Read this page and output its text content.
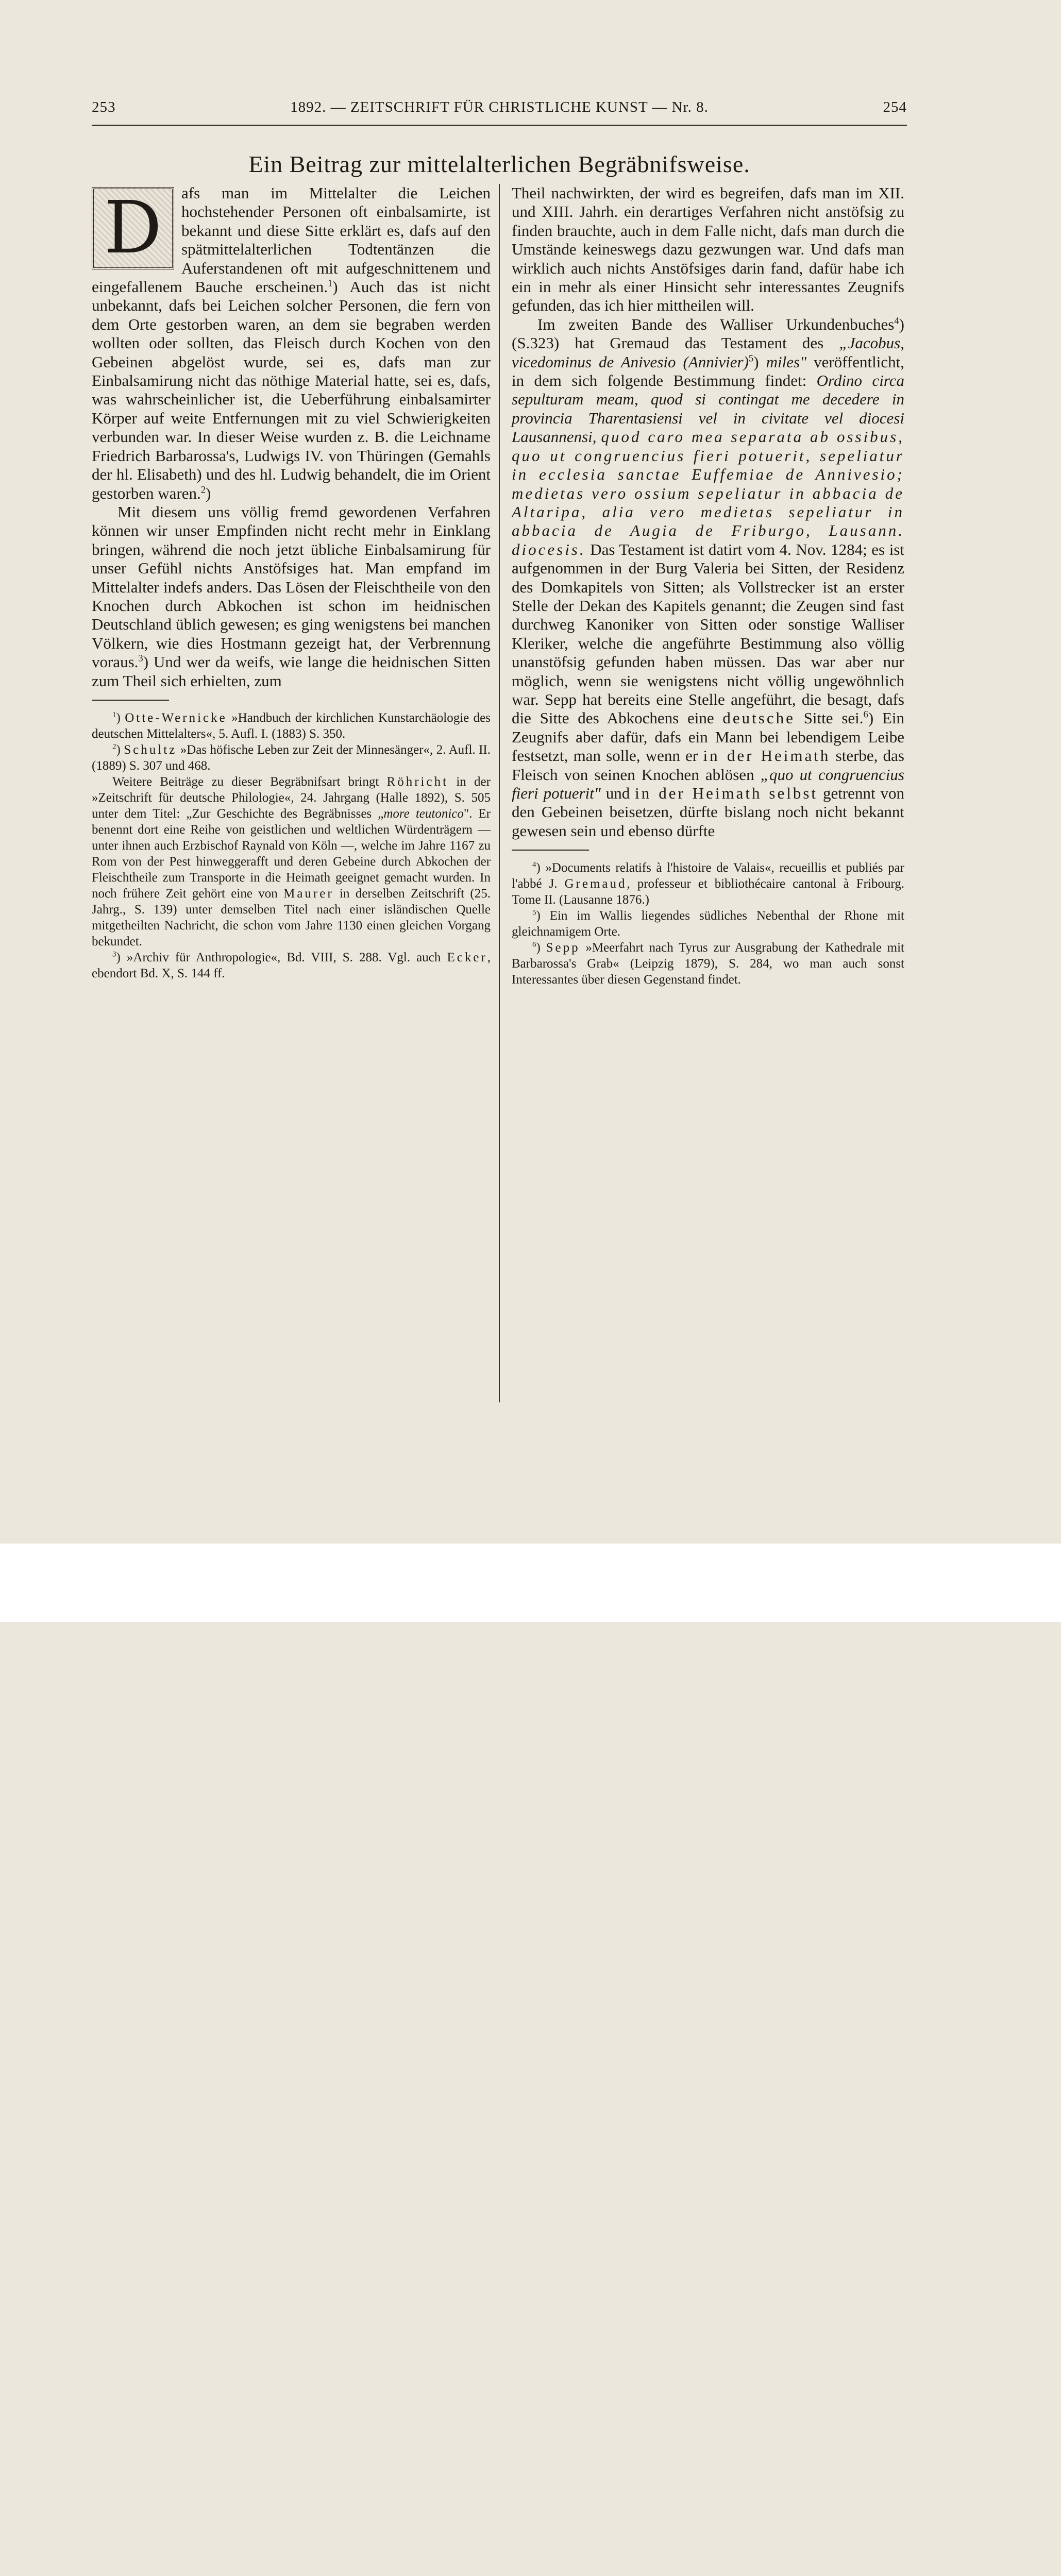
253	1892. — ZEITSCHRIFT FÜR CHRISTLICHE KUNST — Nr. 8.	254
Ein Beitrag zur mittelalterlichen Begräbnifsweise.

D	afs man im Mittelalter die Leichen hochstehender Personen oft einbalsamirte, ist bekannt und diese Sitte erklärt es, dafs auf den spätmittelalterlichen Todtentänzen die Auferstandenen oft mit aufgeschnittenem und eingefallenem Bauche erscheinen.$^1$) Auch das ist nicht unbekannt, dafs bei Leichen solcher Personen, die fern von dem Orte gestorben waren, an dem sie begraben werden wollten oder sollten, das Fleisch durch Kochen von den Gebeinen abgelöst wurde, sei es, dafs man zur Einbalsamirung nicht das nöthige Material hatte, sei es, dafs, was wahrscheinlicher ist, die Ueberführung einbalsamirter Körper auf weite Entfernungen mit zu viel Schwierigkeiten verbunden war. In dieser Weise wurden z. B. die Leichname Friedrich Barbarossa's, Ludwigs IV. von Thüringen (Gemahls der hl. Elisabeth) und des hl. Ludwig behandelt, die im Orient gestorben waren.$^2$)

Mit diesem uns völlig fremd gewordenen Verfahren können wir unser Empfinden nicht recht mehr in Einklang bringen, während die noch jetzt übliche Einbalsamirung für unser Gefühl nichts Anstöfsiges hat. Man empfand im Mittelalter indefs anders. Das Lösen der Fleischtheile von den Knochen durch Abkochen ist schon im heidnischen Deutschland üblich gewesen; es ging wenigstens bei manchen Völkern, wie dies Hostmann gezeigt hat, der Verbrennung voraus.$^3$) Und wer da weifs, wie lange die heidnischen Sitten zum Theil sich erhielten, zum

$^1$) Otte-Wernicke »Handbuch der kirchlichen Kunstarchäologie des deutschen Mittelalters«, 5. Aufl. I. (1883) S. 350.

$^2$) Schultz »Das höfische Leben zur Zeit der Minnesänger«, 2. Aufl. II. (1889) S. 307 und 468.

Weitere Beiträge zu dieser Begräbnifsart bringt Röhricht in der »Zeitschrift für deutsche Philologie«, 24. Jahrgang (Halle 1892), S. 505 unter dem Titel: „Zur Geschichte des Begräbnisses „more teutonico". Er benennt dort eine Reihe von geistlichen und weltlichen Würdenträgern — unter ihnen auch Erzbischof Raynald von Köln —, welche im Jahre 1167 zu Rom von der Pest hinweggerafft und deren Gebeine durch Abkochen der Fleischtheile zum Transporte in die Heimath geeignet gemacht wurden. In noch frühere Zeit gehört eine von Maurer in derselben Zeitschrift (25. Jahrg., S. 139) unter demselben Titel nach einer isländischen Quelle mitgetheilten Nachricht, die schon vom Jahre 1130 einen gleichen Vorgang bekundet.

$^3$) »Archiv für Anthropologie«, Bd. VIII, S. 288. Vgl. auch Ecker, ebendort Bd. X, S. 144 ff.

Theil nachwirkten, der wird es begreifen, dafs man im XII. und XIII. Jahrh. ein derartiges Verfahren nicht anstöfsig zu finden brauchte, auch in dem Falle nicht, dafs man durch die Umstände keineswegs dazu gezwungen war. Und dafs man wirklich auch nichts Anstöfsiges darin fand, dafür habe ich ein in mehr als einer Hinsicht sehr interessantes Zeugnifs gefunden, das ich hier mittheilen will.

Im zweiten Bande des Walliser Urkundenbuches$^4$) (S.323) hat Gremaud das Testament des „Jacobus, vicedominus de Anivesio (Annivier)$^5$) miles" veröffentlicht, in dem sich folgende Bestimmung findet: Ordino circa sepulturam meam, quod si contingat me decedere in provincia Tharentasiensi vel in civitate vel diocesi Lausannensi, quod caro mea separata ab ossibus, quo ut congruencius fieri potuerit, sepeliatur in ecclesia sanctae Euffemiae de Annivesio; medietas vero ossium sepeliatur in abbacia de Altaripa, alia vero medietas sepeliatur in abbacia de Augia de Friburgo, Lausann. diocesis. Das Testament ist datirt vom 4. Nov. 1284; es ist aufgenommen in der Burg Valeria bei Sitten, der Residenz des Domkapitels von Sitten; als Vollstrecker ist an erster Stelle der Dekan des Kapitels genannt; die Zeugen sind fast durchweg Kanoniker von Sitten oder sonstige Walliser Kleriker, welche die angeführte Bestimmung also völlig unanstöfsig gefunden haben müssen. Das war aber nur möglich, wenn sie wenigstens nicht völlig ungewöhnlich war. Sepp hat bereits eine Stelle angeführt, die besagt, dafs die Sitte des Abkochens eine deutsche Sitte sei.$^6$) Ein Zeugnifs aber dafür, dafs ein Mann bei lebendigem Leibe festsetzt, man solle, wenn er in der Heimath sterbe, das Fleisch von seinen Knochen ablösen „quo ut congruencius fieri potuerit" und in der Heimath selbst getrennt von den Gebeinen beisetzen, dürfte bislang noch nicht bekannt gewesen sein und ebenso dürfte

$^4$) »Documents relatifs à l'histoire de Valais«, recueillis et publiés par l'abbé J. Gremaud, professeur et bibliothécaire cantonal à Fribourg. Tome II. (Lausanne 1876.)

$^5$) Ein im Wallis liegendes südliches Nebenthal der Rhone mit gleichnamigem Orte.

$^6$) Sepp »Meerfahrt nach Tyrus zur Ausgrabung der Kathedrale mit Barbarossa's Grab« (Leipzig 1879), S. 284, wo man auch sonst Interessantes über diesen Gegenstand findet.
